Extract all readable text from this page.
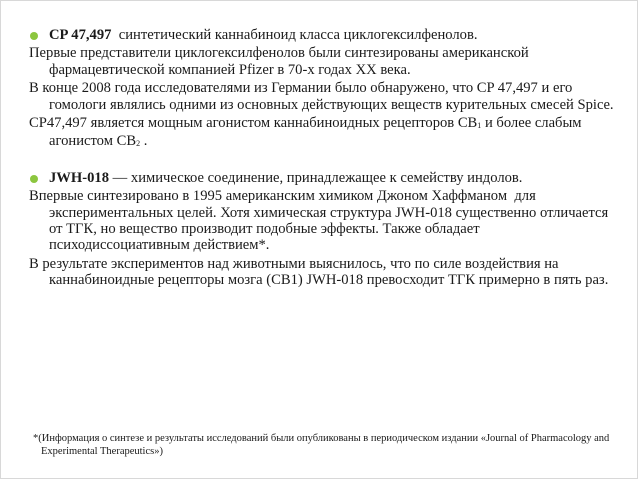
CP 47,497  синтетический каннабиноид класса циклогексилфенолов.
Первые представители циклогексилфенолов были синтезированы американской фармацевтической компанией Pfizer в 70-х годах XX века.
В конце 2008 года исследователями из Германии было обнаружено, что CP 47,497 и его гомологи являлись одними из основных действующих веществ курительных смесей Spice.
CP47,497 является мощным агонистом каннабиноидных рецепторов CB1 и более слабым агонистом CB2 .
JWH-018 — химическое соединение, принадлежащее к семейству индолов.
Впервые синтезировано в 1995 американским химиком Джоном Хаффманом  для экспериментальных целей. Хотя химическая структура JWH-018 существенно отличается от ТГК, но вещество производит подобные эффекты. Также обладает психодиссоциативным действием*.
В результате экспериментов над животными выяснилось, что по силе воздействия на каннабиноидные рецепторы мозга (CB1) JWH-018 превосходит ТГК примерно в пять раз.
*(Информация о синтезе и результаты исследований были опубликованы в периодическом издании «Journal of Pharmacology and Experimental Therapeutics»)
